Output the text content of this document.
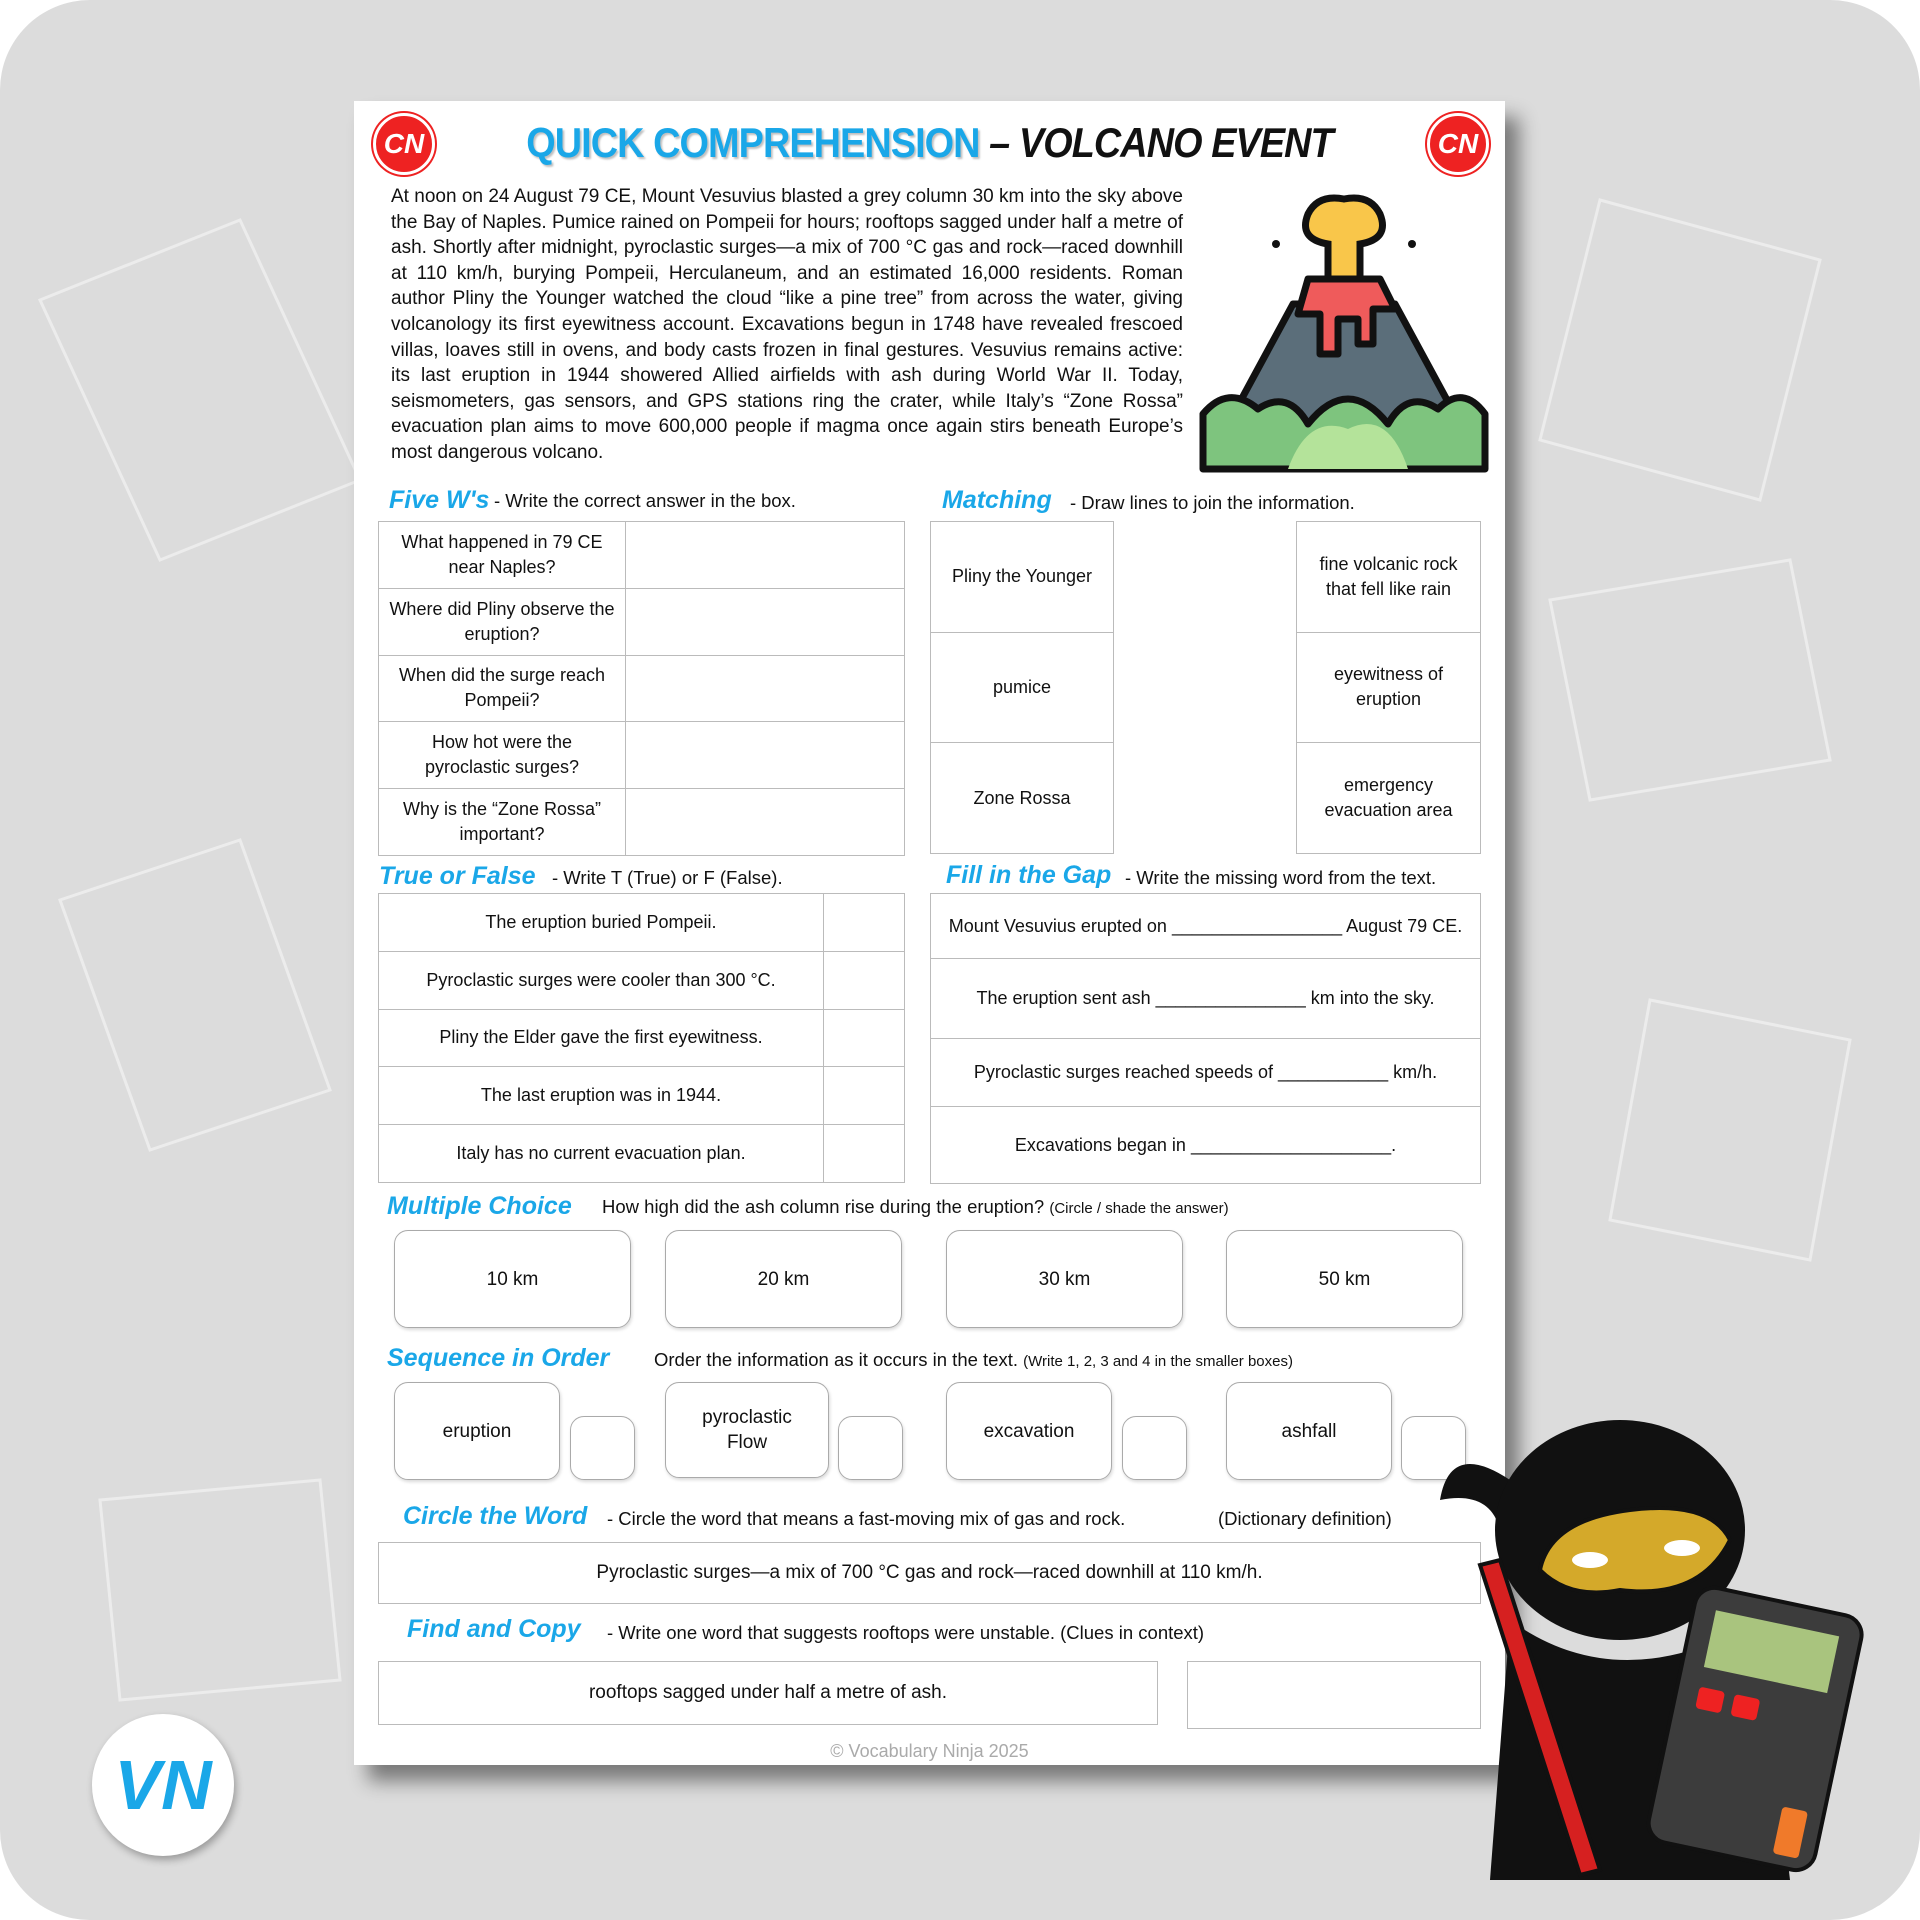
CN	CN
QUICK COMPREHENSION – VOLCANO EVENT
At noon on 24 August 79 CE, Mount Vesuvius blasted a grey column 30 km into the sky above the Bay of Naples. Pumice rained on Pompeii for hours; rooftops sagged under half a metre of ash. Shortly after midnight, pyroclastic surges—a mix of 700 °C gas and rock—raced downhill at 110 km/h, burying Pompeii, Herculaneum, and an estimated 16,000 residents. Roman author Pliny the Younger watched the cloud “like a pine tree” from across the water, giving volcanology its first eyewitness account. Excavations begun in 1748 have revealed frescoed villas, loaves still in ovens, and body casts frozen in final gestures. Vesuvius remains active: its last eruption in 1944 showered Allied airfields with ash during World War II. Today, seismometers, gas sensors, and GPS stations ring the crater, while Italy’s “Zone Rossa” evacuation plan aims to move 600,000 people if magma once again stirs beneath Europe’s most dangerous volcano.
Five W's - Write the correct answer in the box.
What happened in 79 CE near Naples?	
Where did Pliny observe the eruption?	
When did the surge reach Pompeii?	
How hot were the pyroclastic surges?	
Why is the “Zone Rossa” important?	
Matching - Draw lines to join the information.
Pliny the Younger
pumice
Zone Rossa
fine volcanic rock that fell like rain
eyewitness of eruption
emergency evacuation area
True or False - Write T (True) or F (False).
The eruption buried Pompeii.	
Pyroclastic surges were cooler than 300 °C.	
Pliny the Elder gave the first eyewitness.	
The last eruption was in 1944.	
Italy has no current evacuation plan.	
Fill in the Gap - Write the missing word from the text.
Mount Vesuvius erupted on _________________ August 79 CE.
The eruption sent ash _______________ km into the sky.
Pyroclastic surges reached speeds of ___________ km/h.
Excavations began in ____________________.
Multiple Choice How high did the ash column rise during the eruption? (Circle / shade the answer)
10 km	20 km	30 km	50 km
Sequence in Order Order the information as it occurs in the text. (Write 1, 2, 3 and 4 in the smaller boxes)
eruption
pyroclastic Flow
excavation	ashfall
Circle the Word - Circle the word that means a fast-moving mix of gas and rock.	(Dictionary definition)
Pyroclastic surges—a mix of 700 °C gas and rock—raced downhill at 110 km/h.
Find and Copy - Write one word that suggests rooftops were unstable. (Clues in context)
rooftops sagged under half a metre of ash.
© Vocabulary Ninja 2025
VN
